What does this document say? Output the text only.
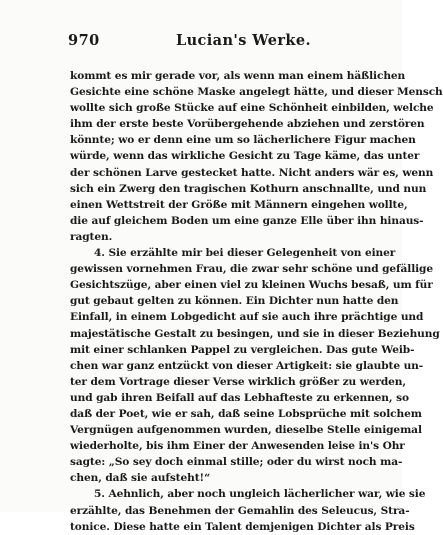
970	Lucian's Werke.
kommt es mir gerade vor, als wenn man einem häßlichen
Gesichte eine schöne Maske angelegt hätte, und dieser Mensch
wollte sich große Stücke auf eine Schönheit einbilden, welche
ihm der erste beste Vorübergehende abziehen und zerstören
könnte; wo er denn eine um so lächerlichere Figur machen
würde, wenn das wirkliche Gesicht zu Tage käme, das unter
der schönen Larve gestecket hatte. Nicht anders wär es, wenn
sich ein Zwerg den tragischen Kothurn anschnallte, und nun
einen Wettstreit der Größe mit Männern eingehen wollte,
die auf gleichem Boden um eine ganze Elle über ihn hinaus-
ragten.
4. Sie erzählte mir bei dieser Gelegenheit von einer
gewissen vornehmen Frau, die zwar sehr schöne und gefällige
Gesichtszüge, aber einen viel zu kleinen Wuchs besaß, um für
gut gebaut gelten zu können. Ein Dichter nun hatte den
Einfall, in einem Lobgedicht auf sie auch ihre prächtige und
majestätische Gestalt zu besingen, und sie in dieser Beziehung
mit einer schlanken Pappel zu vergleichen. Das gute Weib-
chen war ganz entzückt von dieser Artigkeit: sie glaubte un-
ter dem Vortrage dieser Verse wirklich größer zu werden,
und gab ihren Beifall auf das Lebhafteste zu erkennen, so
daß der Poet, wie er sah, daß seine Lobsprüche mit solchem
Vergnügen aufgenommen wurden, dieselbe Stelle einigemal
wiederholte, bis ihm Einer der Anwesenden leise in's Ohr
sagte: „So sey doch einmal stille; oder du wirst noch ma-
chen, daß sie aufsteht!“
5. Aehnlich, aber noch ungleich lächerlicher war, wie sie
erzählte, das Benehmen der Gemahlin des Seleucus, Stra-
tonice. Diese hatte ein Talent demjenigen Dichter als Preis
